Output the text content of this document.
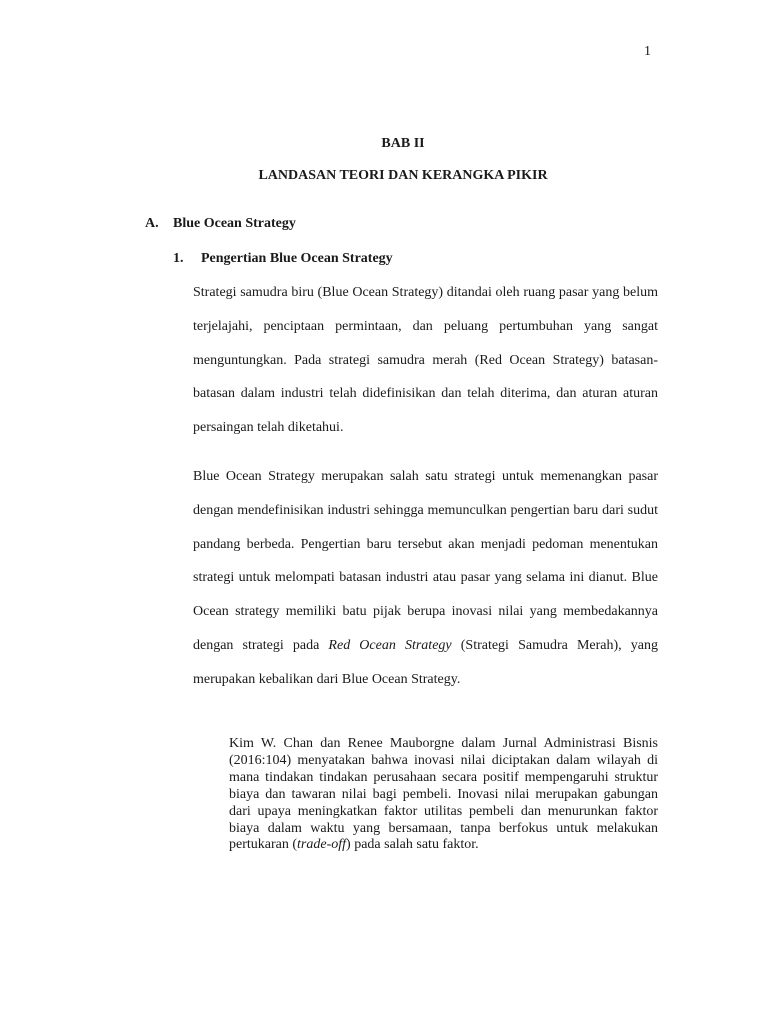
1
BAB II
LANDASAN TEORI DAN KERANGKA PIKIR
A. Blue Ocean Strategy
1. Pengertian Blue Ocean Strategy

Strategi samudra biru (Blue Ocean Strategy) ditandai oleh ruang pasar yang belum terjelajahi, penciptaan permintaan, dan peluang pertumbuhan yang sangat menguntungkan. Pada strategi samudra merah (Red Ocean Strategy) batasan-batasan dalam industri telah didefinisikan dan telah diterima, dan aturan aturan persaingan telah diketahui.

Blue Ocean Strategy merupakan salah satu strategi untuk memenangkan pasar dengan mendefinisikan industri sehingga memunculkan pengertian baru dari sudut pandang berbeda. Pengertian baru tersebut akan menjadi pedoman menentukan strategi untuk melompati batasan industri atau pasar yang selama ini dianut. Blue Ocean strategy memiliki batu pijak berupa inovasi nilai yang membedakannya dengan strategi pada Red Ocean Strategy (Strategi Samudra Merah), yang merupakan kebalikan dari Blue Ocean Strategy.

Kim W. Chan dan Renee Mauborgne dalam Jurnal Administrasi Bisnis (2016:104) menyatakan bahwa inovasi nilai diciptakan dalam wilayah di mana tindakan tindakan perusahaan secara positif mempengaruhi struktur biaya dan tawaran nilai bagi pembeli. Inovasi nilai merupakan gabungan dari upaya meningkatkan faktor utilitas pembeli dan menurunkan faktor biaya dalam waktu yang bersamaan, tanpa berfokus untuk melakukan pertukaran (trade-off) pada salah satu faktor.
